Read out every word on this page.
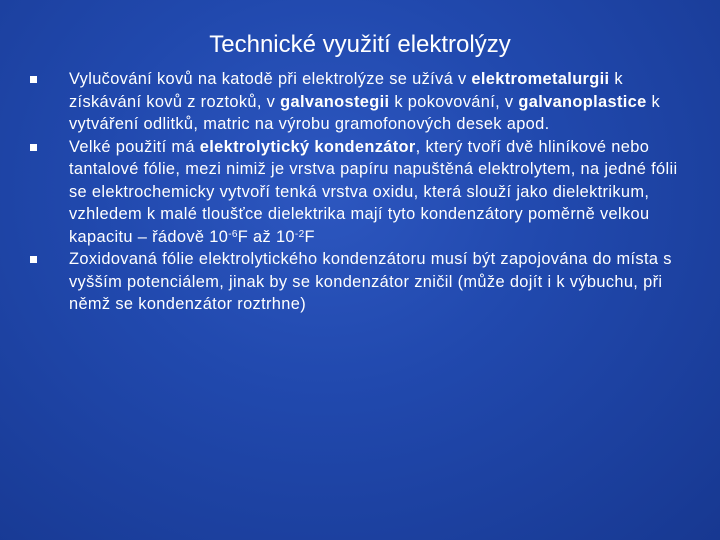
Technické využití elektrolýzy
Vylučování kovů na katodě při elektrolýze se užívá v elektrometalurgii k získávání kovů z roztoků, v galvanostegii k pokovování, v galvanoplastice k vytváření odlitků, matric na výrobu gramofonových desek apod.
Velké použití má elektrolytický kondenzátor, který tvoří dvě hliníkové nebo tantalové fólie, mezi nimiž je vrstva papíru napuštěná elektrolytem, na jedné fólii se elektrochemicky vytvoří tenká vrstva oxidu, která slouží jako dielektrikum, vzhledem k malé tloušťce dielektrika mají tyto kondenzátory poměrně velkou kapacitu – řádově $10^{-6}F$ až $10^{-2}F$
Zoxidovaná fólie elektrolytického kondenzátoru musí být zapojována do místa s vyšším potenciálem, jinak by se kondenzátor zničil (může dojít i k výbuchu, při němž se kondenzátor roztrhne)
